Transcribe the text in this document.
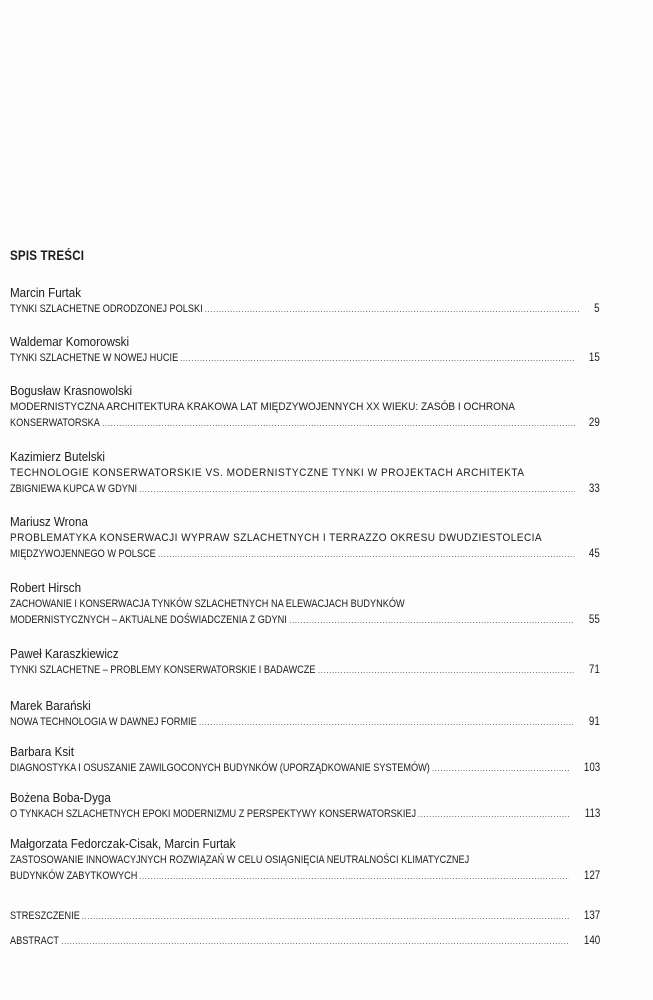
SPIS TREŚCI
Marcin Furtak
TYNKI SZLACHETNE ODRODZONEJ POLSKI .....	5
Waldemar Komorowski
TYNKI SZLACHETNE W NOWEJ HUCIE .....	15
Bogusław Krasnowolski
MODERNISTYCZNA ARCHITEKTURA KRAKOWA LAT MIĘDZYWOJENNYCH XX WIEKU: ZASÓB I OCHRONA
KONSERWATORSKA .....	29
Kazimierz Butelski
TECHNOLOGIE KONSERWATORSKIE VS. MODERNISTYCZNE TYNKI W PROJEKTACH ARCHITEKTA
ZBIGNIEWA KUPCA W GDYNI .....	33
Mariusz Wrona
PROBLEMATYKA KONSERWACJI WYPRAW SZLACHETNYCH I TERRAZZO OKRESU DWUDZIESTOLECIA
MIĘDZYWOJENNEGO W POLSCE .....	45
Robert Hirsch
ZACHOWANIE I KONSERWACJA TYNKÓW SZLACHETNYCH NA ELEWACJACH BUDYNKÓW
MODERNISTYCZNYCH – AKTUALNE DOŚWIADCZENIA Z GDYNI .....	55
Paweł Karaszkiewicz
TYNKI SZLACHETNE – PROBLEMY KONSERWATORSKIE I BADAWCZE .....	71
Marek Barański
NOWA TECHNOLOGIA W DAWNEJ FORMIE .....	91
Barbara Ksit
DIAGNOSTYKA I OSUSZANIE ZAWILGOCONYCH BUDYNKÓW (UPORZĄDKOWANIE SYSTEMÓW) .....	103
Bożena Boba-Dyga
O TYNKACH SZLACHETNYCH EPOKI MODERNIZMU Z PERSPEKTYWY KONSERWATORSKIEJ .....	113
Małgorzata Fedorczak-Cisak, Marcin Furtak
ZASTOSOWANIE INNOWACYJNYCH ROZWIĄZAŃ W CELU OSIĄGNIĘCIA NEUTRALNOŚCI KLIMATYCZNEJ
BUDYNKÓW ZABYTKOWYCH .....	127
STRESZCZENIE .....	137
ABSTRACT .....	140
